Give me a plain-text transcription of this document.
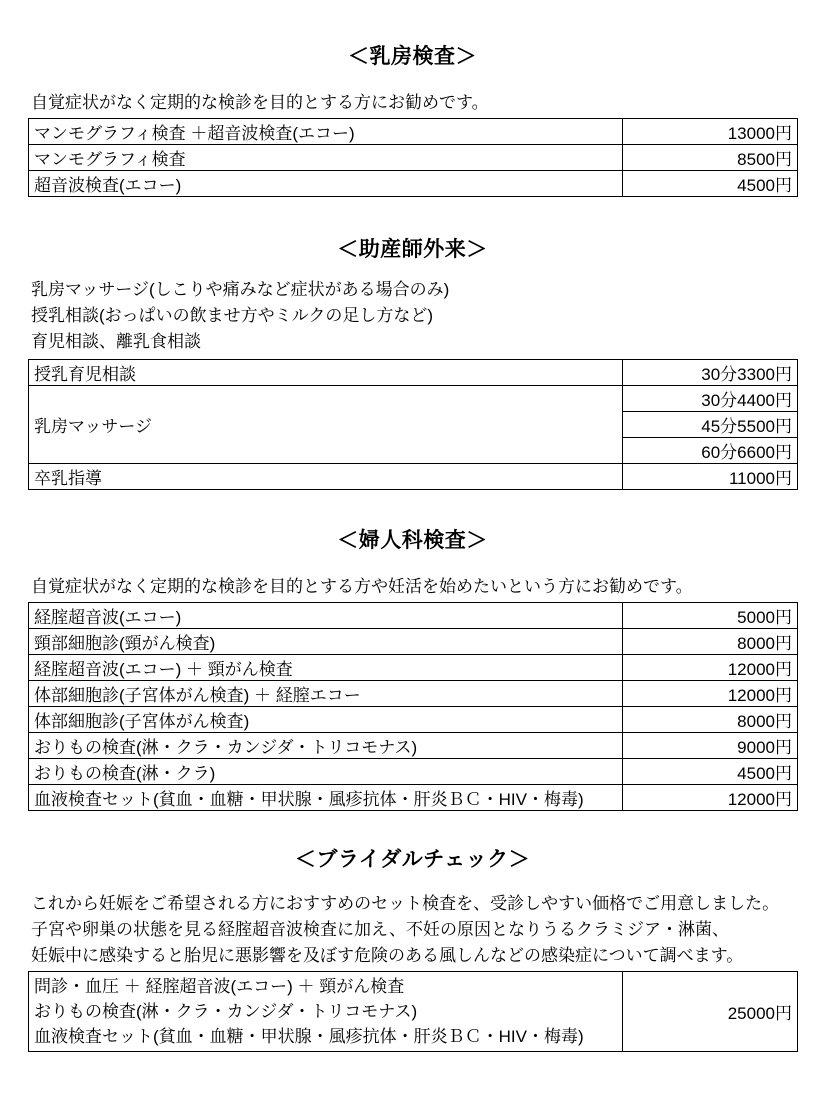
＜乳房検査＞

自覚症状がなく定期的な検診を目的とする方にお勧めです。

マンモグラフィ検査 ＋超音波検査(エコー)	13000円
マンモグラフィ検査	8500円
超音波検査(エコー)	4500円
＜助産師外来＞

乳房マッサージ(しこりや痛みなど症状がある場合のみ)

授乳相談(おっぱいの飲ませ方やミルクの足し方など)

育児相談、離乳食相談

授乳育児相談	30分3300円
乳房マッサージ	30分4400円
	45分5500円
	60分6600円
卒乳指導	11000円
＜婦人科検査＞

自覚症状がなく定期的な検診を目的とする方や妊活を始めたいという方にお勧めです。

経腟超音波(エコー)	5000円
頸部細胞診(頸がん検査)	8000円
経腟超音波(エコー) ＋ 頸がん検査	12000円
体部細胞診(子宮体がん検査) ＋ 経膣エコー	12000円
体部細胞診(子宮体がん検査)	8000円
おりもの検査(淋・クラ・カンジダ・トリコモナス)	9000円
おりもの検査(淋・クラ)	4500円
血液検査セット(貧血・血糖・甲状腺・風疹抗体・肝炎ＢＣ・HIV・梅毒)	12000円
＜ブライダルチェック＞

これから妊娠をご希望される方におすすめのセット検査を、受診しやすい価格でご用意しました。

子宮や卵巣の状態を見る経腟超音波検査に加え、不妊の原因となりうるクラミジア・淋菌、

妊娠中に感染すると胎児に悪影響を及ぼす危険のある風しんなどの感染症について調べます。

問診・血圧 ＋ 経腟超音波(エコー) ＋ 頸がん検査
おりもの検査(淋・クラ・カンジダ・トリコモナス)
血液検査セット(貧血・血糖・甲状腺・風疹抗体・肝炎ＢＣ・HIV・梅毒)
	25000円
